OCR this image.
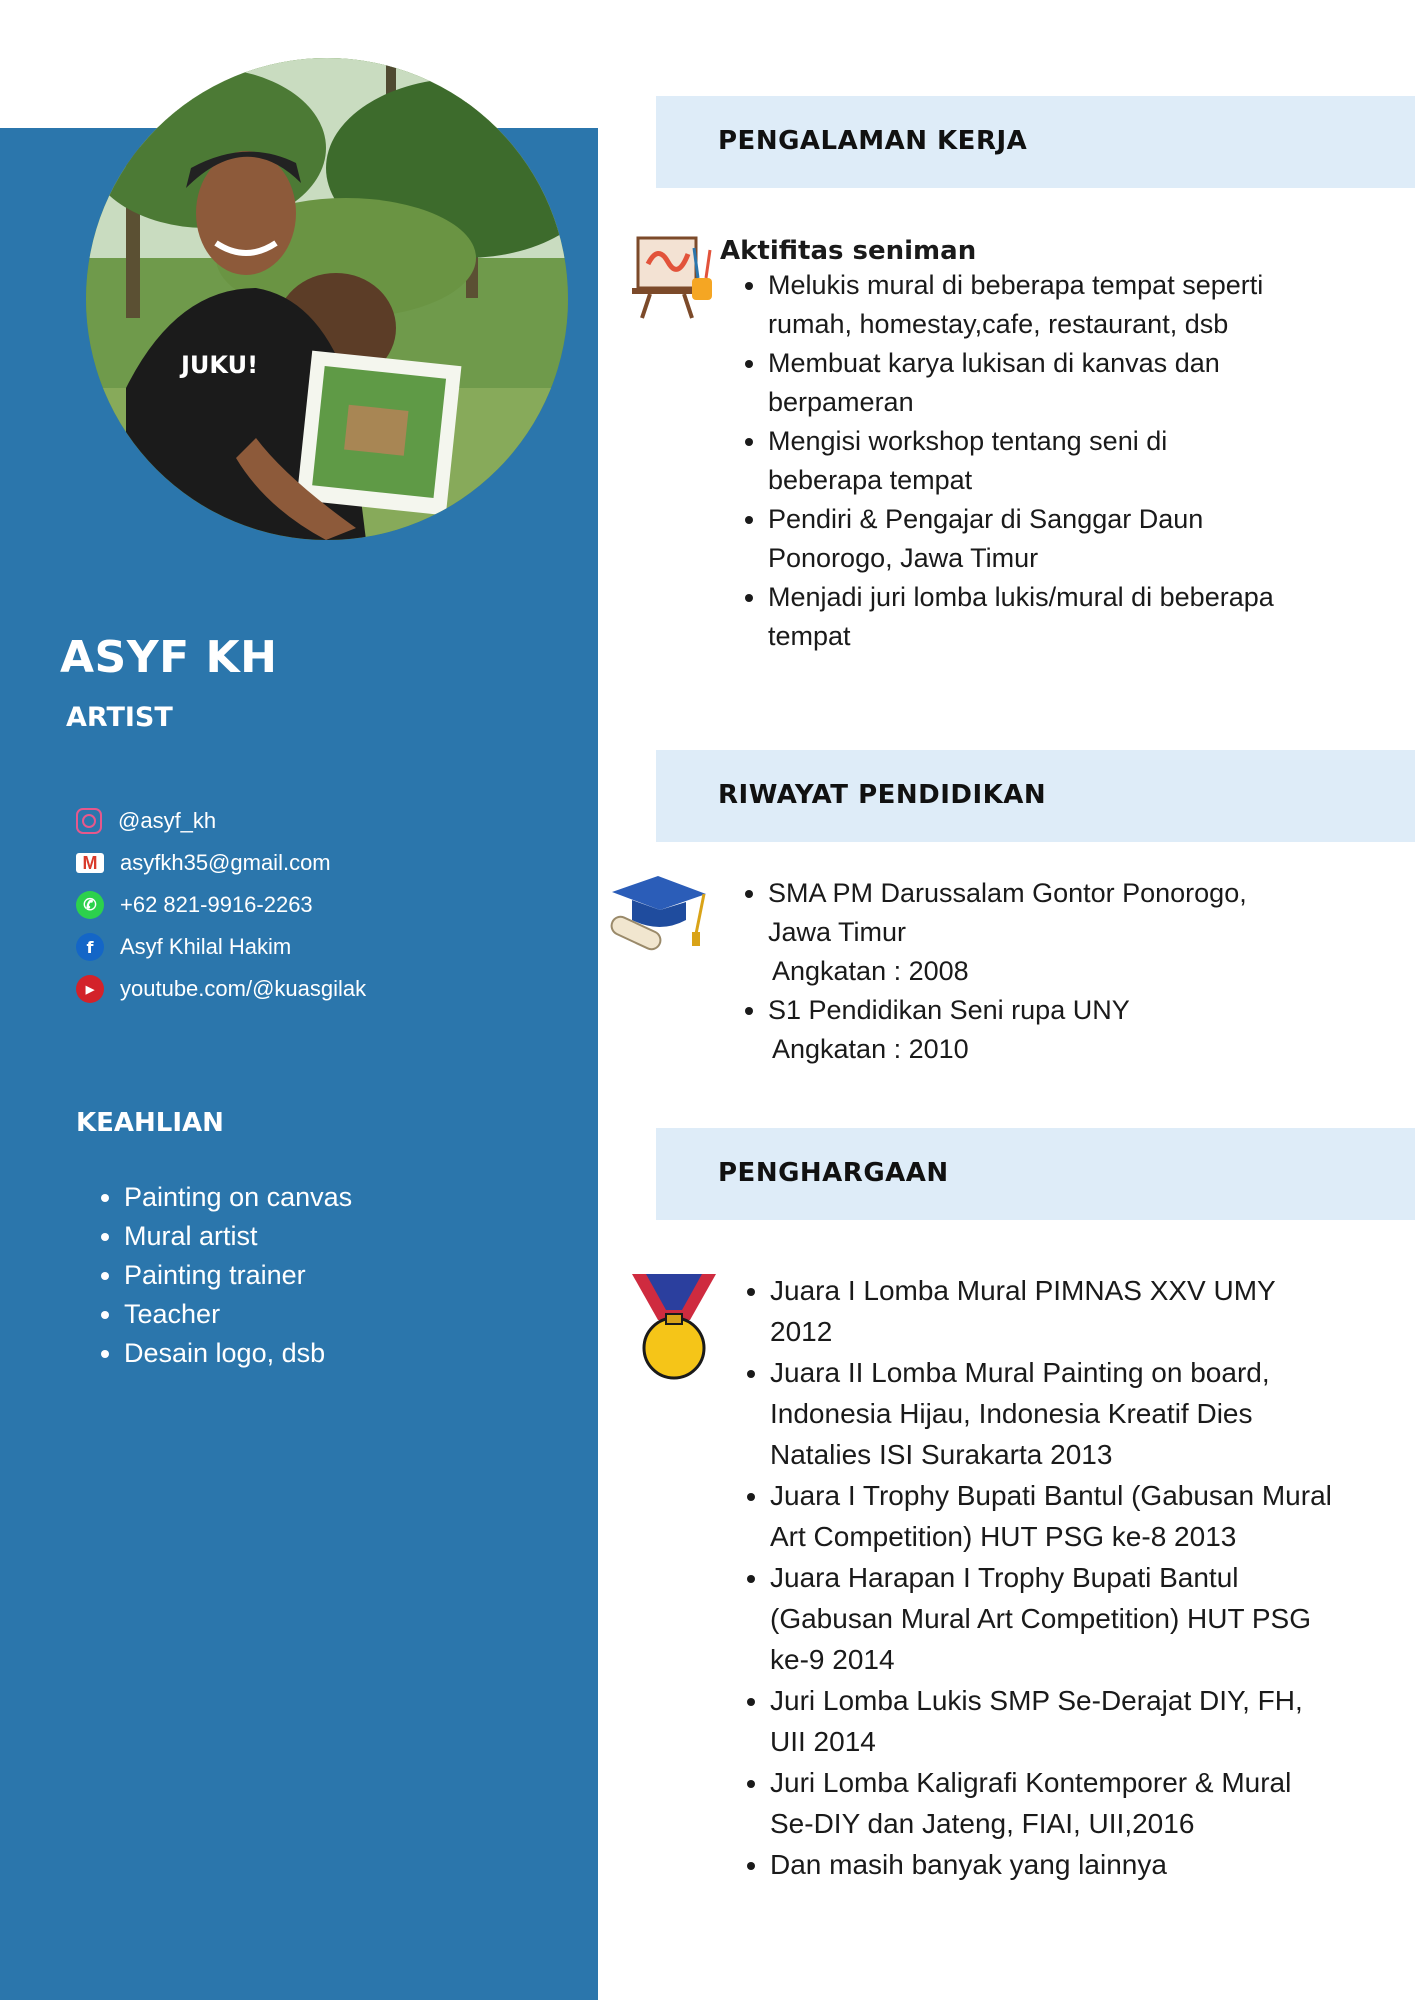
JUKU!
ASYF KH
ARTIST
@asyf_kh
M asyfkh35@gmail.com
✆	+62 821-9916-2263
f	Asyf Khilal Hakim
▶	youtube.com/@kuasgilak
KEAHLIAN
• Painting on canvas
• Mural artist
• Painting trainer
• Teacher
• Desain logo, dsb
PENGALAMAN KERJA
Aktifitas seniman
• Melukis mural di beberapa tempat seperti rumah, homestay,cafe, restaurant, dsb
• Membuat karya lukisan di kanvas dan berpameran
• Mengisi workshop tentang seni di beberapa tempat
• Pendiri & Pengajar di Sanggar Daun Ponorogo, Jawa Timur
• Menjadi juri lomba lukis/mural di beberapa tempat
RIWAYAT PENDIDIKAN
• SMA PM Darussalam Gontor Ponorogo, Jawa Timur
Angkatan : 2008
• S1 Pendidikan Seni rupa UNY
Angkatan : 2010
PENGHARGAAN
• Juara I Lomba Mural PIMNAS XXV UMY 2012
• Juara II Lomba Mural Painting on board, Indonesia Hijau, Indonesia Kreatif Dies Natalies ISI Surakarta 2013
• Juara I Trophy Bupati Bantul (Gabusan Mural Art Competition) HUT PSG ke-8 2013
• Juara Harapan I Trophy Bupati Bantul (Gabusan Mural Art Competition) HUT PSG ke-9 2014
• Juri Lomba Lukis SMP Se-Derajat DIY, FH, UII 2014
• Juri Lomba Kaligrafi Kontemporer & Mural Se-DIY dan Jateng, FIAI, UII,2016
• Dan masih banyak yang lainnya
